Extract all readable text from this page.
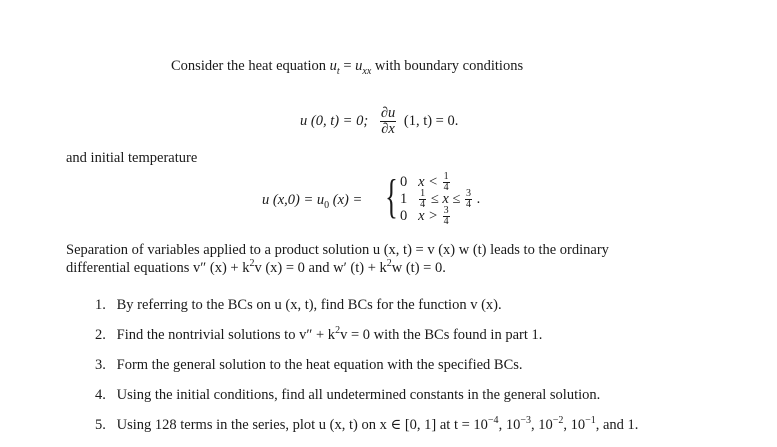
Consider the heat equation $u_t = u_{xx}$ with boundary conditions
u (0, t) = 0; $\frac{\partial u}{\partial x} (1$, t) = 0.
and initial temperature
u $(x,0) = u_0$ (x) = { 0 $x < \frac{1}{4}$
$1 \frac{1}{4} \le x \le \frac{3}{4}$ .
0 $x > \frac{3}{4}$
Separation of variables applied to a product solution u (x, t) = v (x) w (t) leads to the ordinary
differential equations v″ $(x) + k^2v$ (x) = 0 and w′ $(t) + k^2w$ (t) = 0.
1. By referring to the BCs on u (x, t), find BCs for the function v (x).
2. Find the nontrivial solutions to $v'' + k^2v = 0$ with the BCs found in part 1.
3. Form the general solution to the heat equation with the specified BCs.
4. Using the initial conditions, find all undetermined constants in the general solution.
5. Using 128 terms in the series, plot u (x, t) on x ∈ [0, 1] at $t = 10^{-4}$, $10^{-3}$, $10^{-2}$, $10^{-1}$, and 1.
